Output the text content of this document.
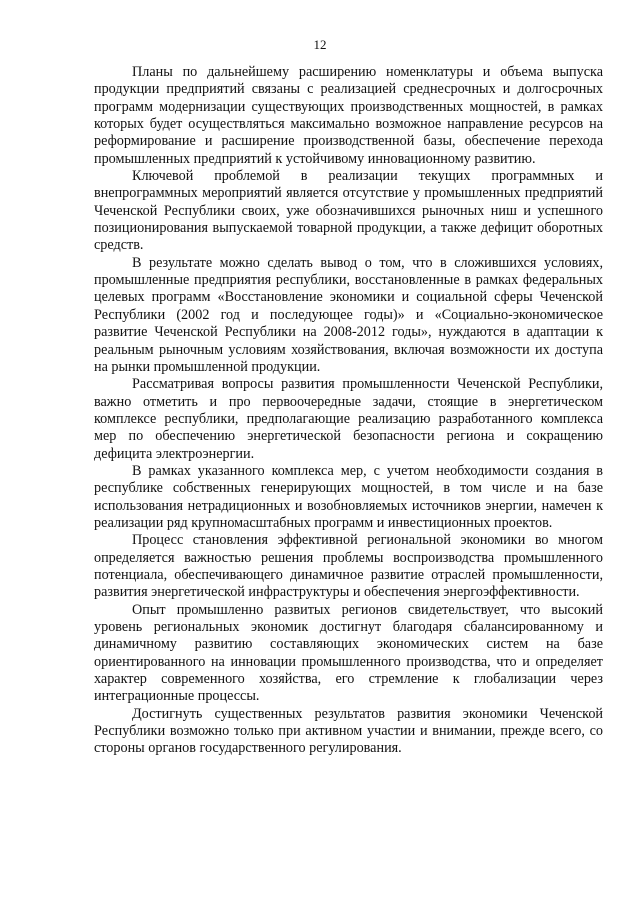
12

Планы по дальнейшему расширению номенклатуры и объема выпуска продукции предприятий связаны с реализацией среднесрочных и долгосрочных программ модернизации существующих производственных мощностей, в рамках которых будет осуществляться максимально возможное направление ресурсов на реформирование и расширение производственной базы, обеспечение перехода промышленных предприятий к устойчивому инновационному развитию.

Ключевой проблемой в реализации текущих программных и внепрограммных мероприятий является отсутствие у промышленных предприятий Чеченской Республики своих, уже обозначившихся рыночных ниш и успешного позиционирования выпускаемой товарной продукции, а также дефицит оборотных средств.

В результате можно сделать вывод о том, что в сложившихся условиях, промышленные предприятия республики, восстановленные в рамках федеральных целевых программ «Восстановление экономики и социальной сферы Чеченской Республики (2002 год и последующее годы)» и «Социально-экономическое развитие Чеченской Республики на 2008-2012 годы», нуждаются в адаптации к реальным рыночным условиям хозяйствования, включая возможности их доступа на рынки промышленной продукции.

Рассматривая вопросы развития промышленности Чеченской Республики, важно отметить и про первоочередные задачи, стоящие в энергетическом комплексе республики, предполагающие реализацию разработанного комплекса мер по обеспечению энергетической безопасности региона и сокращению дефицита электроэнергии.

В рамках указанного комплекса мер, с учетом необходимости создания в республике собственных генерирующих мощностей, в том числе и на базе использования нетрадиционных и возобновляемых источников энергии, намечен к реализации ряд крупномасштабных программ и инвестиционных проектов.

Процесс становления эффективной региональной экономики во многом определяется важностью решения проблемы воспроизводства промышленного потенциала, обеспечивающего динамичное развитие отраслей промышленности, развития энергетической инфраструктуры и обеспечения энергоэффективности.

Опыт промышленно развитых регионов свидетельствует, что высокий уровень региональных экономик достигнут благодаря сбалансированному и динамичному развитию составляющих экономических систем на базе ориентированного на инновации промышленного производства, что и определяет характер современного хозяйства, его стремление к глобализации через интеграционные процессы.

Достигнуть существенных результатов развития экономики Чеченской Республики возможно только при активном участии и внимании, прежде всего, со стороны органов государственного регулирования.
